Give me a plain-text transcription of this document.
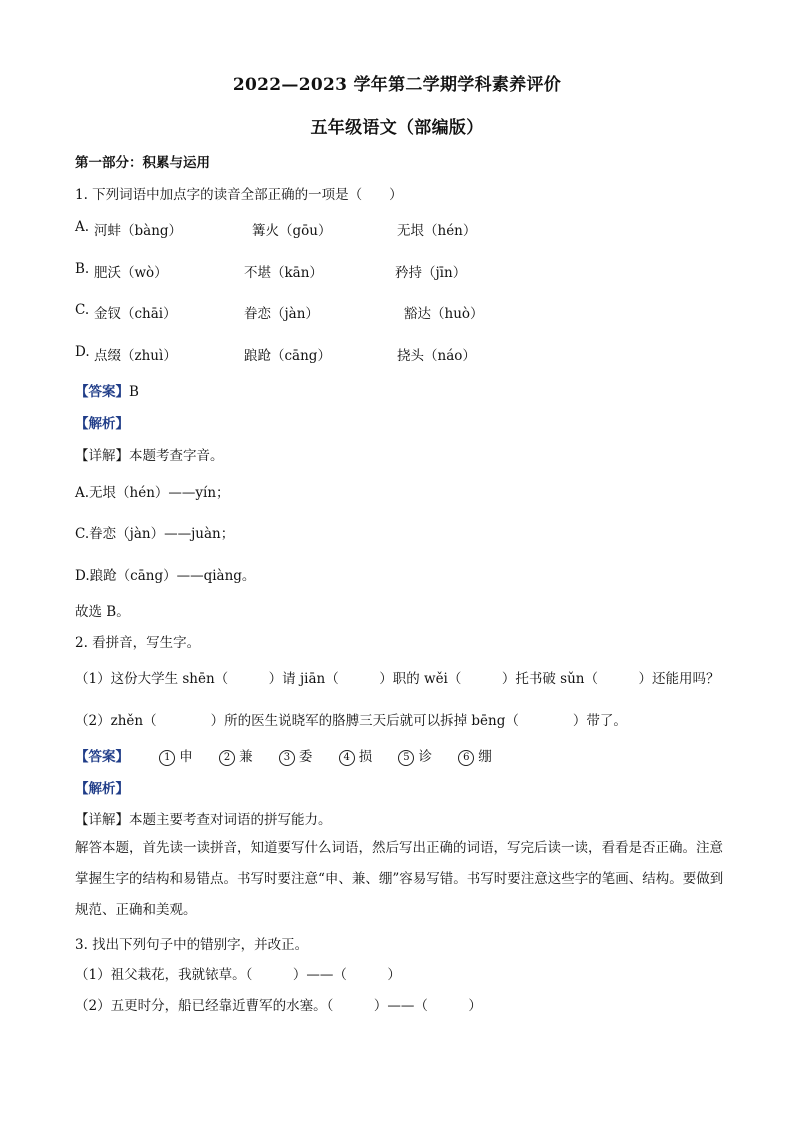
2022—2023 学年第二学期学科素养评价
五年级语文（部编版）
第一部分：积累与运用
1. 下列词语中加点字的读音全部正确的一项是（　　）
A. 河蚌（bàng）	篝火（gōu）	无垠（hén）
B. 肥沃（wò）	不堪（kān）	矜持（jīn）
C. 金钗（chāi）	眷恋（jàn）	豁达（huò）
D. 点缀（zhuì）	踉跄（cāng）	挠头（náo）
【答案】B
【解析】
【详解】本题考查字音。
A.无垠（hén）——yín；
C.眷恋（jàn）——juàn；
D.踉跄（cāng）——qiàng。
故选 B。
2. 看拼音，写生字。
（1）这份大学生 shēn（　　　）请 jiān（　　　）职的 wěi（　　　）托书破 sǔn（　　　）还能用吗？
（2）zhěn（　　　　）所的医生说晓军的胳膊三天后就可以拆掉 bēng（　　　　）带了。
【答案】	1 申	2 兼	3 委	4 损	5 诊	6 绷
【解析】
【详解】本题主要考查对词语的拼写能力。
解答本题，首先读一读拼音，知道要写什么词语，然后写出正确的词语，写完后读一读，看看是否正确。注意掌握生字的结构和易错点。书写时要注意“申、兼、绷”容易写错。书写时要注意这些字的笔画、结构。要做到规范、正确和美观。
3. 找出下列句子中的错别字，并改正。
（1）祖父栽花，我就铱草。（　　　）——（　　　）
（2）五更时分，船已经靠近曹军的水塞。（　　　）——（　　　）
